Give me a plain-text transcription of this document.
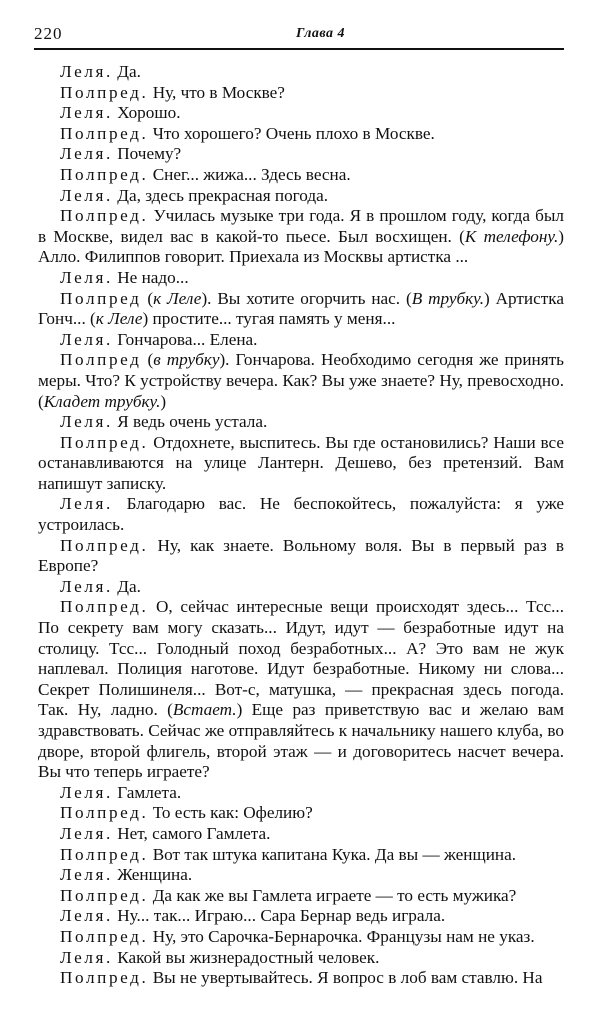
220	Глава 4

Леля. Да.

Полпред. Ну, что в Москве?

Леля. Хорошо.

Полпред. Что хорошего? Очень плохо в Москве.

Леля. Почему?

Полпред. Снег... жижа... Здесь весна.

Леля. Да, здесь прекрасная погода.

Полпред. Училась музыке три года. Я в прошлом году, когда был в Москве, видел вас в какой-то пьесе. Был восхищен. (К телефону.) Алло. Филиппов говорит. Приехала из Москвы артистка ...

Леля. Не надо...

Полпред (к Леле). Вы хотите огорчить нас. (В трубку.) Артистка Гонч... (к Леле) простите... тугая память у меня...

Леля. Гончарова... Елена.

Полпред (в трубку). Гончарова. Необходимо сегодня же принять меры. Что? К устройству вечера. Как? Вы уже знаете? Ну, превосходно. (Кладет трубку.)

Леля. Я ведь очень устала.

Полпред. Отдохнете, выспитесь. Вы где остановились? Наши все останавливаются на улице Лантерн. Дешево, без претензий. Вам напишут записку.

Леля. Благодарю вас. Не беспокойтесь, пожалуйста: я уже устроилась.

Полпред. Ну, как знаете. Вольному воля. Вы в первый раз в Европе?

Леля. Да.

Полпред. О, сейчас интересные вещи происходят здесь... Тсс... По секрету вам могу сказать... Идут, идут — безработные идут на столицу. Тсс... Голодный поход безработных... А? Это вам не жук наплевал. Полиция наготове. Идут безработные. Никому ни слова... Секрет Полишинеля... Вот-с, матушка, — прекрасная здесь погода. Так. Ну, ладно. (Встает.) Еще раз приветствую вас и желаю вам здравствовать. Сейчас же отправляйтесь к начальнику нашего клуба, во дворе, второй флигель, второй этаж — и договоритесь насчет вечера. Вы что теперь играете?

Леля. Гамлета.

Полпред. То есть как: Офелию?

Леля. Нет, самого Гамлета.

Полпред. Вот так штука капитана Кука. Да вы — женщина.

Леля. Женщина.

Полпред. Да как же вы Гамлета играете — то есть мужика?

Леля. Ну... так... Играю... Сара Бернар ведь играла.

Полпред. Ну, это Сарочка-Бернарочка. Французы нам не указ.

Леля. Какой вы жизнерадостный человек.

Полпред. Вы не увертывайтесь. Я вопрос в лоб вам ставлю. На
